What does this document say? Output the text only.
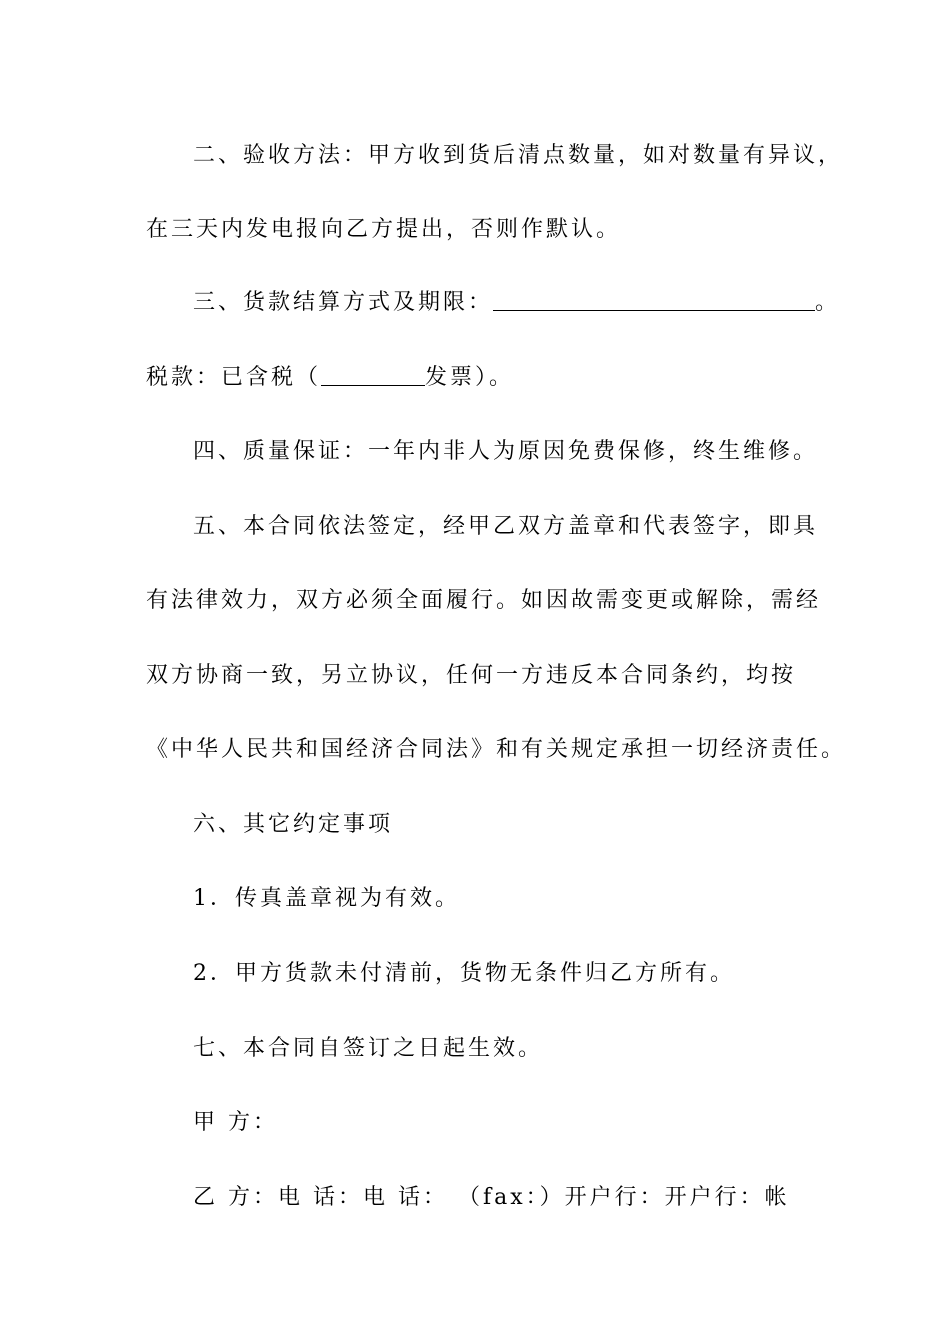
二、验收方法：甲方收到货后清点数量，如对数量有异议，
在三天内发电报向乙方提出，否则作默认。
三、货款结算方式及期限：	。
税款：已含税（	发票）。
四、质量保证：一年内非人为原因免费保修，终生维修。
五、本合同依法签定，经甲乙双方盖章和代表签字，即具
有法律效力，双方必须全面履行。如因故需变更或解除，需经
双方协商一致，另立协议，任何一方违反本合同条约，均按
《中华人民共和国经济合同法》和有关规定承担一切经济责任。
六、其它约定事项
1．传真盖章视为有效。
2．甲方货款未付清前，货物无条件归乙方所有。
七、本合同自签订之日起生效。
甲 方：
乙 方：电 话：电 话： （fax：）开户行：开户行：帐
